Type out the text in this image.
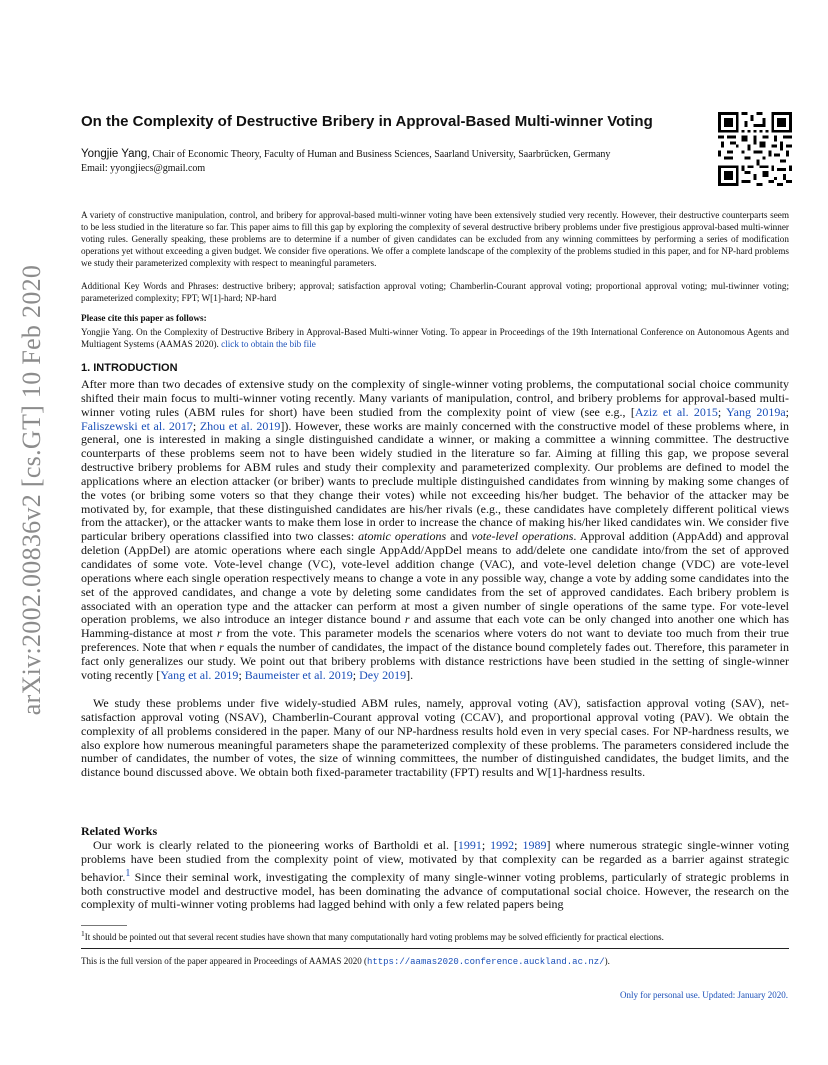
arXiv:2002.00836v2 [cs.GT] 10 Feb 2020
On the Complexity of Destructive Bribery in Approval-Based Multi-winner Voting
Yongjie Yang, Chair of Economic Theory, Faculty of Human and Business Sciences, Saarland University, Saarbrücken, Germany
Email: yyongjiecs@gmail.com

A variety of constructive manipulation, control, and bribery for approval-based multi-winner voting have been extensively studied very recently. However, their destructive counterparts seem to be less studied in the literature so far. This paper aims to fill this gap by exploring the complexity of several destructive bribery problems under five prestigious approval-based multi-winner voting rules. Generally speaking, these problems are to determine if a number of given candidates can be excluded from any winning committees by performing a series of modification operations yet without exceeding a given budget. We consider five operations. We offer a complete landscape of the complexity of the problems studied in this paper, and for NP-hard problems we study their parameterized complexity with respect to meaningful parameters.

Additional Key Words and Phrases: destructive bribery; approval; satisfaction approval voting; Chamberlin-Courant approval voting; proportional approval voting; mul-tiwinner voting; parameterized complexity; FPT; W[1]-hard; NP-hard

Please cite this paper as follows:

Yongjie Yang. On the Complexity of Destructive Bribery in Approval-Based Multi-winner Voting. To appear in Proceedings of the 19th International Conference on Autonomous Agents and Multiagent Systems (AAMAS 2020). click to obtain the bib file

1. INTRODUCTION

After more than two decades of extensive study on the complexity of single-winner voting problems, the computational social choice community shifted their main focus to multi-winner voting recently. Many variants of manipulation, control, and bribery problems for approval-based multi-winner voting rules (ABM rules for short) have been studied from the complexity point of view (see e.g., [Aziz et al. 2015; Yang 2019a; Faliszewski et al. 2017; Zhou et al. 2019]). However, these works are mainly concerned with the constructive model of these problems where, in general, one is interested in making a single distinguished candidate a winner, or making a committee a winning committee. The destructive counterparts of these problems seem not to have been widely studied in the literature so far. Aiming at filling this gap, we propose several destructive bribery problems for ABM rules and study their complexity and parameterized complexity. Our problems are defined to model the applications where an election attacker (or briber) wants to preclude multiple distinguished candidates from winning by making some changes of the votes (or bribing some voters so that they change their votes) while not exceeding his/her budget. The behavior of the attacker may be motivated by, for example, that these distinguished candidates are his/her rivals (e.g., these candidates have completely different political views from the attacker), or the attacker wants to make them lose in order to increase the chance of making his/her liked candidates win. We consider five particular bribery operations classified into two classes: atomic operations and vote-level operations. Approval addition (AppAdd) and approval deletion (AppDel) are atomic operations where each single AppAdd/AppDel means to add/delete one candidate into/from the set of approved candidates of some vote. Vote-level change (VC), vote-level addition change (VAC), and vote-level deletion change (VDC) are vote-level operations where each single operation respectively means to change a vote in any possible way, change a vote by adding some candidates into the set of the approved candidates, and change a vote by deleting some candidates from the set of approved candidates. Each bribery problem is associated with an operation type and the attacker can perform at most a given number of single operations of the same type. For vote-level operation problems, we also introduce an integer distance bound r and assume that each vote can be only changed into another one which has Hamming-distance at most r from the vote. This parameter models the scenarios where voters do not want to deviate too much from their true preferences. Note that when r equals the number of candidates, the impact of the distance bound completely fades out. Therefore, this parameter in fact only generalizes our study. We point out that bribery problems with distance restrictions have been studied in the setting of single-winner voting recently [Yang et al. 2019; Baumeister et al. 2019; Dey 2019].

We study these problems under five widely-studied ABM rules, namely, approval voting (AV), satisfaction approval voting (SAV), net-satisfaction approval voting (NSAV), Chamberlin-Courant approval voting (CCAV), and proportional approval voting (PAV). We obtain the complexity of all problems considered in the paper. Many of our NP-hardness results hold even in very special cases. For NP-hardness results, we also explore how numerous meaningful parameters shape the parameterized complexity of these problems. The parameters considered include the number of candidates, the number of votes, the size of winning committees, the number of distinguished candidates, the budget limits, and the distance bound discussed above. We obtain both fixed-parameter tractability (FPT) results and W[1]-hardness results.

Related Works

Our work is clearly related to the pioneering works of Bartholdi et al. [1991; 1992; 1989] where numerous strategic single-winner voting problems have been studied from the complexity point of view, motivated by that complexity can be regarded as a barrier against strategic behavior.$^1$ Since their seminal work, investigating the complexity of many single-winner voting problems, particularly of strategic problems in both constructive model and destructive model, has been dominating the advance of computational social choice. However, the research on the complexity of multi-winner voting problems had lagged behind with only a few related papers being

$^1$It should be pointed out that several recent studies have shown that many computationally hard voting problems may be solved efficiently for practical elections.
This is the full version of the paper appeared in Proceedings of AAMAS 2020 (https://aamas2020.conference.auckland.ac.nz/).
Only for personal use. Updated: January 2020.
